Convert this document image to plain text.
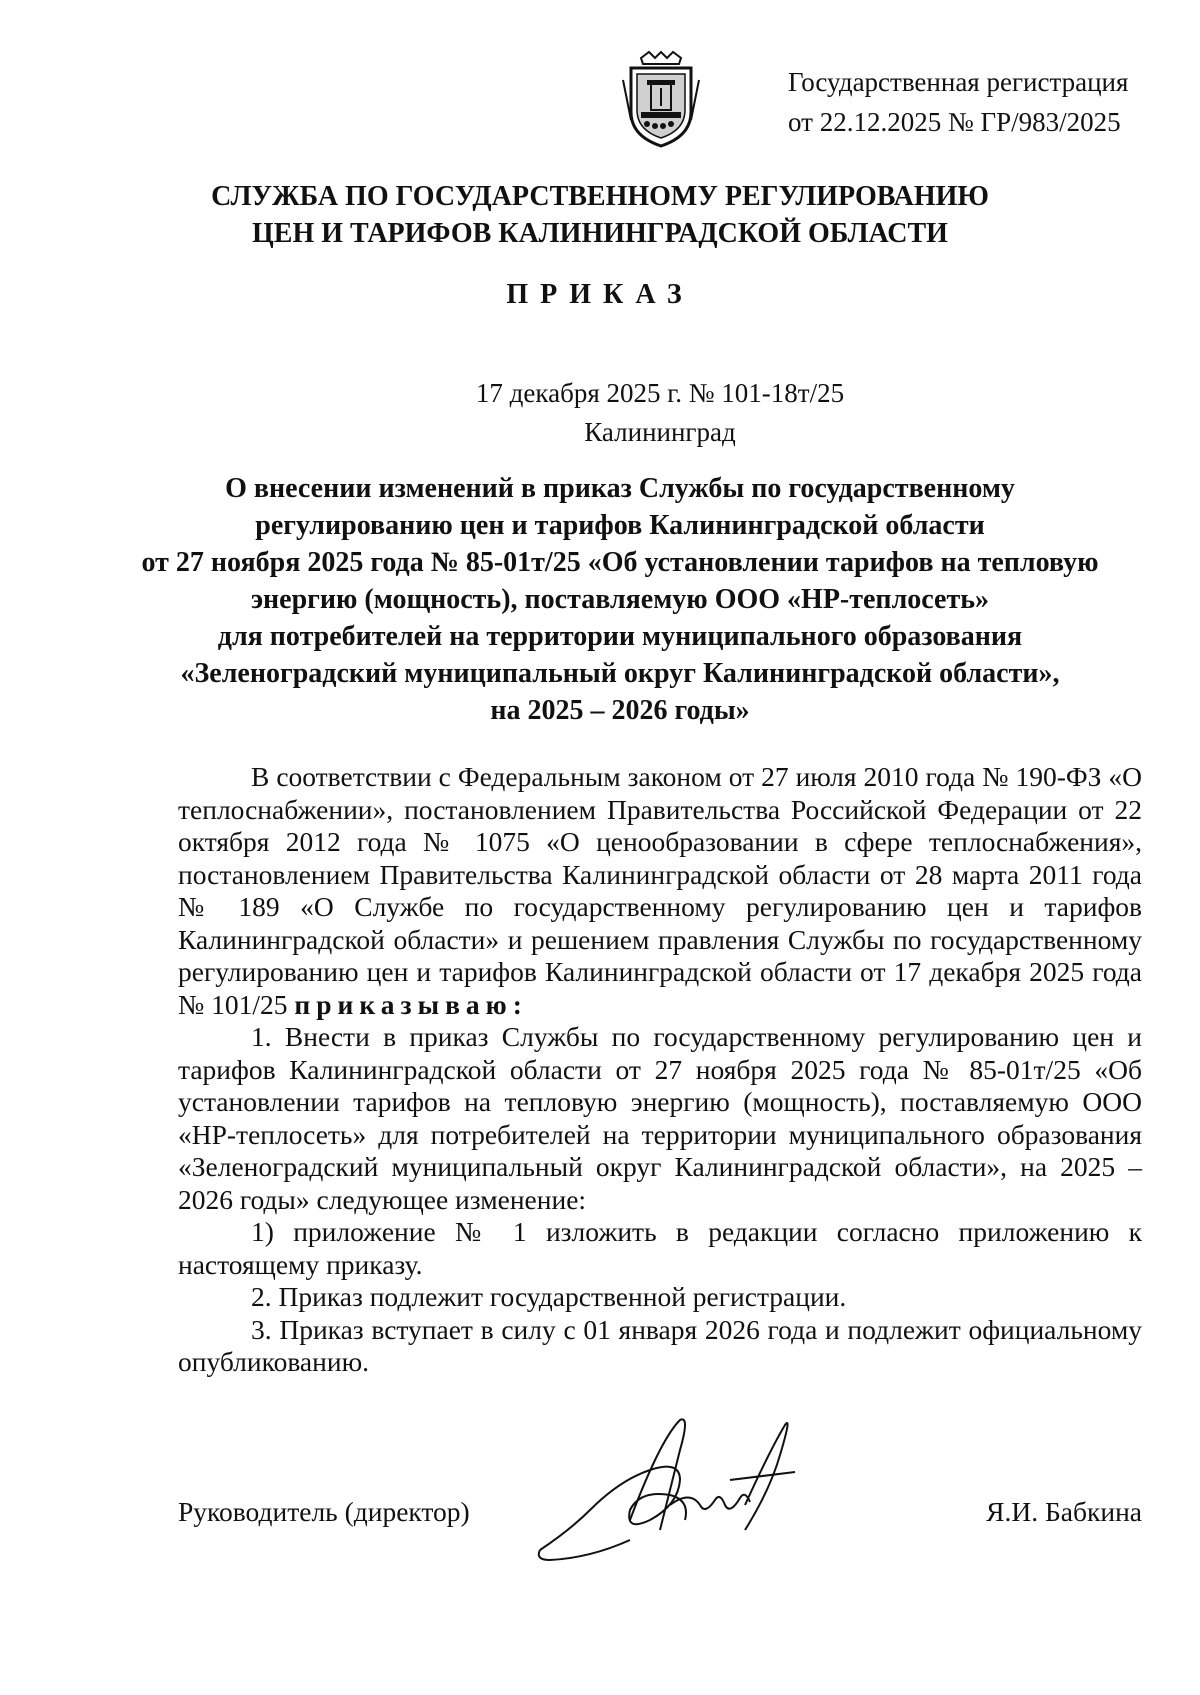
Государственная регистрация
от 22.12.2025 № ГР/983/2025
СЛУЖБА ПО ГОСУДАРСТВЕННОМУ РЕГУЛИРОВАНИЮ
ЦЕН И ТАРИФОВ КАЛИНИНГРАДСКОЙ ОБЛАСТИ
ПРИКАЗ
17 декабря 2025 г. № 101-18т/25
Калининград
О внесении изменений в приказ Службы по государственному
регулированию цен и тарифов Калининградской области
от 27 ноября 2025 года № 85-01т/25 «Об установлении тарифов на тепловую
энергию (мощность), поставляемую ООО «НР-теплосеть»
для потребителей на территории муниципального образования
«Зеленоградский муниципальный округ Калининградской области»,
на 2025 – 2026 годы»

В соответствии с Федеральным законом от 27 июля 2010 года № 190-ФЗ «О теплоснабжении», постановлением Правительства Российской Федерации от 22 октября 2012 года № 1075 «О ценообразовании в сфере теплоснабжения», постановлением Правительства Калининградской области от 28 марта 2011 года № 189 «О Службе по государственному регулированию цен и тарифов Калининградской области» и решением правления Службы по государственному регулированию цен и тарифов Калининградской области от 17 декабря 2025 года № 101/25 приказываю:

1. Внести в приказ Службы по государственному регулированию цен и тарифов Калининградской области от 27 ноября 2025 года № 85-01т/25 «Об установлении тарифов на тепловую энергию (мощность), поставляемую ООО «НР-теплосеть» для потребителей на территории муниципального образования «Зеленоградский муниципальный округ Калининградской области», на 2025 – 2026 годы» следующее изменение:

1) приложение № 1 изложить в редакции согласно приложению к настоящему приказу.

2. Приказ подлежит государственной регистрации.

3. Приказ вступает в силу с 01 января 2026 года и подлежит официальному опубликованию.

Руководитель (директор)	Я.И. Бабкина
